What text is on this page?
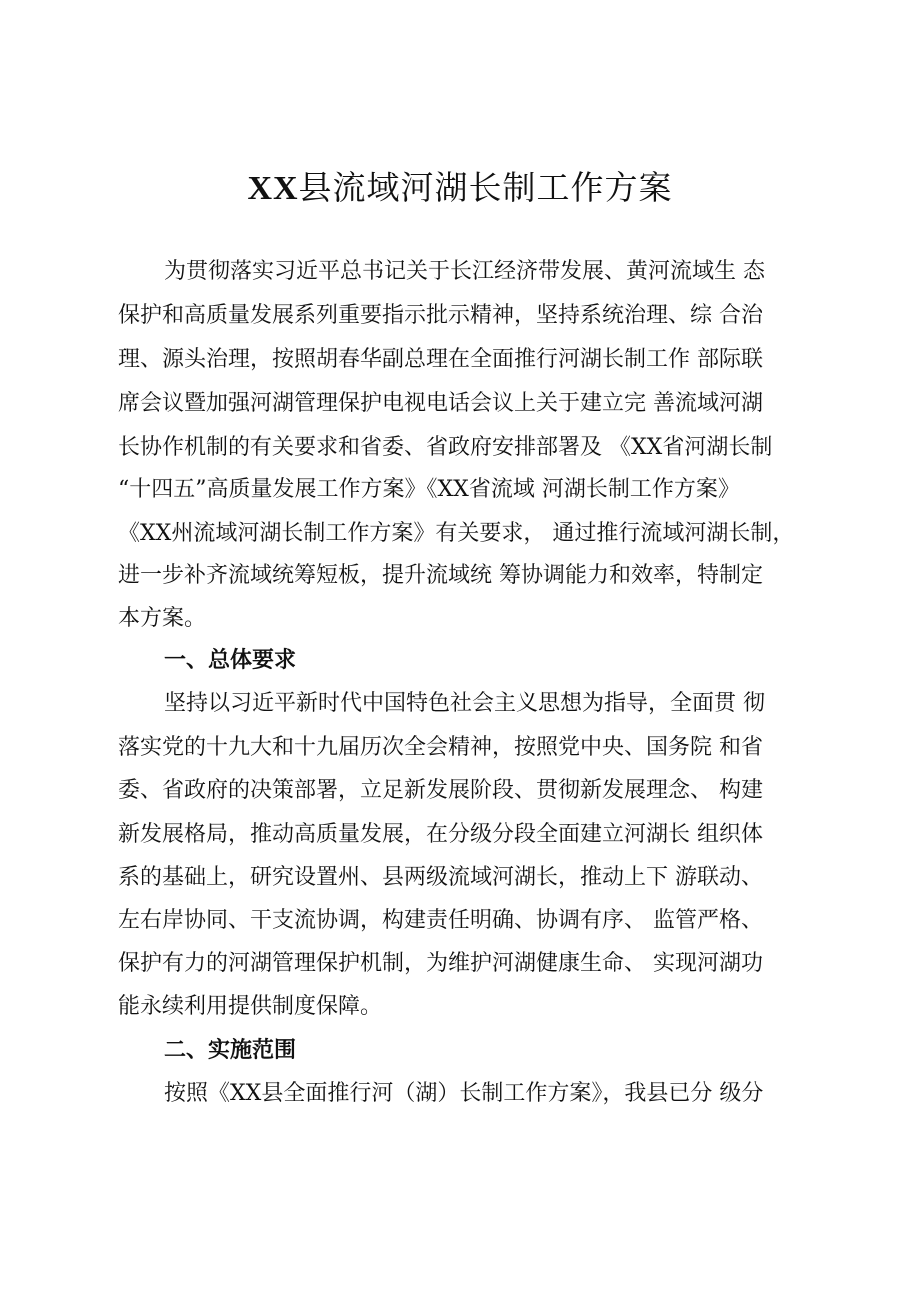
XX县流域河湖长制工作方案

为贯彻落实习近平总书记关于长江经济带发展、黄河流域生 态

保护和高质量发展系列重要指示批示精神，坚持系统治理、综 合治

理、源头治理，按照胡春华副总理在全面推行河湖长制工作 部际联

席会议暨加强河湖管理保护电视电话会议上关于建立完 善流域河湖

长协作机制的有关要求和省委、省政府安排部署及 《XX省河湖长制

“十四五”高质量发展工作方案》《XX省流域 河湖长制工作方案》

《XX州流域河湖长制工作方案》有关要求， 通过推行流域河湖长制，

进一步补齐流域统筹短板，提升流域统 筹协调能力和效率，特制定

本方案。

一、总体要求

坚持以习近平新时代中国特色社会主义思想为指导，全面贯 彻

落实党的十九大和十九届历次全会精神，按照党中央、国务院 和省

委、省政府的决策部署，立足新发展阶段、贯彻新发展理念、 构建

新发展格局，推动高质量发展，在分级分段全面建立河湖长 组织体

系的基础上，研究设置州、县两级流域河湖长，推动上下 游联动、

左右岸协同、干支流协调，构建责任明确、协调有序、 监管严格、

保护有力的河湖管理保护机制，为维护河湖健康生命、 实现河湖功

能永续利用提供制度保障。

二、实施范围

按照《XX县全面推行河（湖）长制工作方案》，我县已分 级分
